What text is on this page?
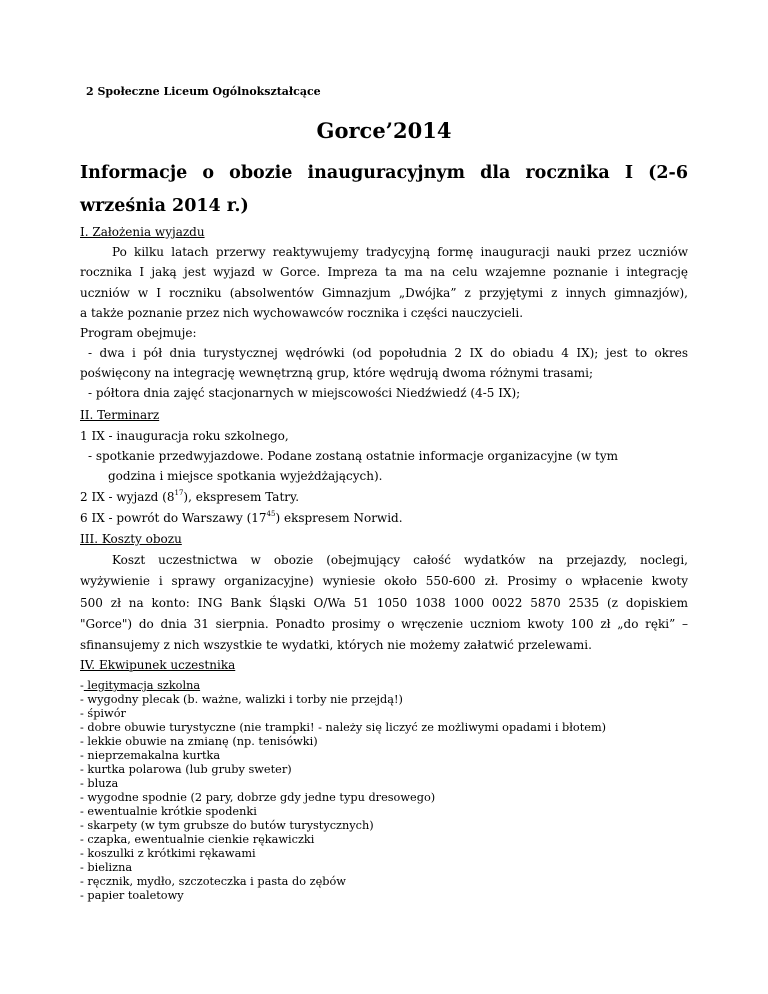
2 Społeczne Liceum Ogólnokształcące
Gorce’2014
Informacje o obozie inauguracyjnym dla rocznika I (2-6
września 2014 r.)
I. Założenia wyjazdu
Po kilku latach przerwy reaktywujemy tradycyjną formę inauguracji nauki przez uczniów
rocznika I jaką jest wyjazd w Gorce. Impreza ta ma na celu wzajemne poznanie i integrację
uczniów w I roczniku (absolwentów Gimnazjum „Dwójka” z przyjętymi z innych gimnazjów),
a także poznanie przez nich wychowawców rocznika i części nauczycieli.
Program obejmuje:
- dwa i pół dnia turystycznej wędrówki (od popołudnia 2 IX do obiadu 4 IX); jest to okres
poświęcony na integrację wewnętrzną grup, które wędrują dwoma różnymi trasami;
- półtora dnia zajęć stacjonarnych w miejscowości Niedźwiedź (4-5 IX);
II. Terminarz
1 IX - inauguracja roku szkolnego,
- spotkanie przedwyjazdowe. Podane zostaną ostatnie informacje organizacyjne (w tym
godzina i miejsce spotkania wyjeżdżających).
2 IX - wyjazd $(8^{17})$, ekspresem Tatry.
6 IX - powrót do Warszawy $(17^{45})$ ekspresem Norwid.
III. Koszty obozu
Koszt uczestnictwa w obozie (obejmujący całość wydatków na przejazdy, noclegi,
wyżywienie i sprawy organizacyjne) wyniesie około 550-600 zł. Prosimy o wpłacenie kwoty
500 zł na konto: ING Bank Śląski O/Wa 51 1050 1038 1000 0022 5870 2535 (z dopiskiem
"Gorce") do dnia 31 sierpnia. Ponadto prosimy o wręczenie uczniom kwoty 100 zł „do ręki” –
sfinansujemy z nich wszystkie te wydatki, których nie możemy załatwić przelewami.
IV. Ekwipunek uczestnika
- legitymacja szkolna
- wygodny plecak (b. ważne, walizki i torby nie przejdą!)
- śpiwór
- dobre obuwie turystyczne (nie trampki! - należy się liczyć ze możliwymi opadami i błotem)
- lekkie obuwie na zmianę (np. tenisówki)
- nieprzemakalna kurtka
- kurtka polarowa (lub gruby sweter)
- bluza
- wygodne spodnie (2 pary, dobrze gdy jedne typu dresowego)
- ewentualnie krótkie spodenki
- skarpety (w tym grubsze do butów turystycznych)
- czapka, ewentualnie cienkie rękawiczki
- koszulki z krótkimi rękawami
- bielizna
- ręcznik, mydło, szczoteczka i pasta do zębów
- papier toaletowy
